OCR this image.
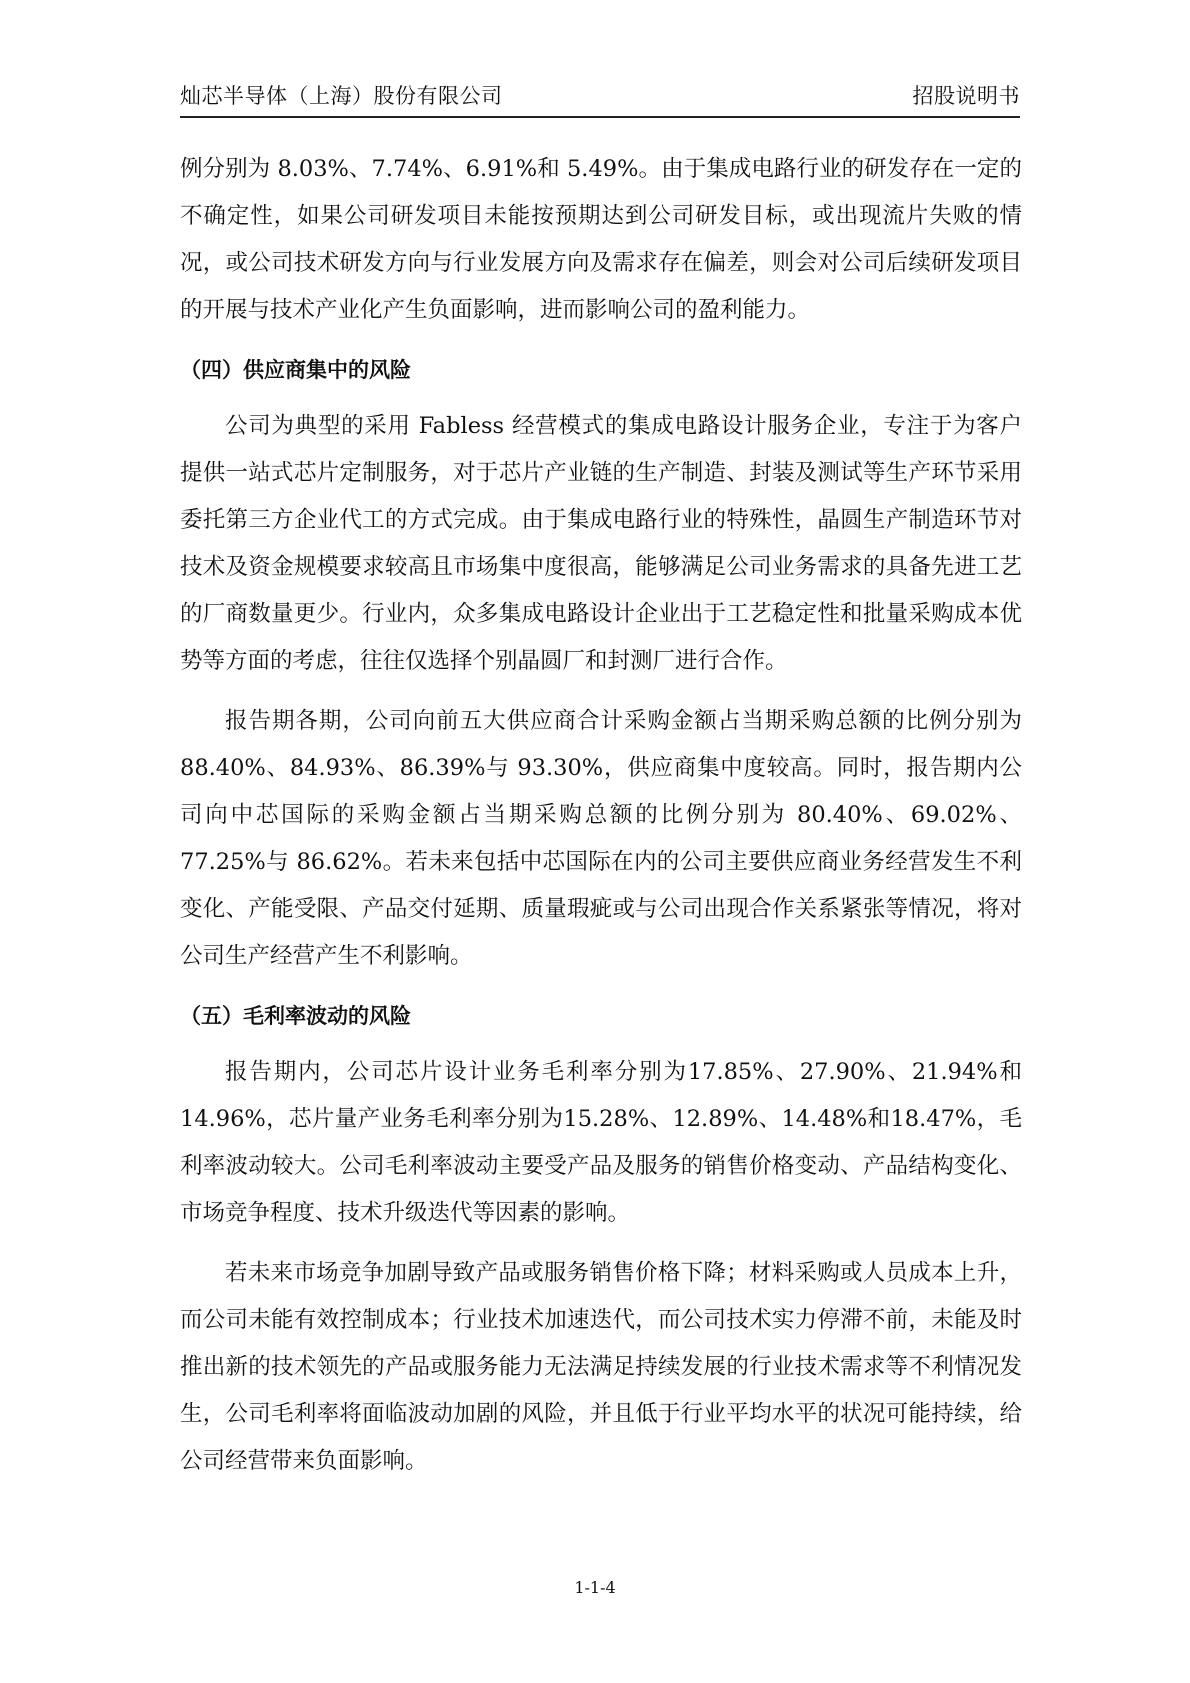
灿芯半导体（上海）股份有限公司	招股说明书

例分别为 8.03%、7.74%、6.91%和 5.49%。由于集成电路行业的研发存在一定的不确定性，如果公司研发项目未能按预期达到公司研发目标，或出现流片失败的情况，或公司技术研发方向与行业发展方向及需求存在偏差，则会对公司后续研发项目的开展与技术产业化产生负面影响，进而影响公司的盈利能力。

（四）供应商集中的风险

公司为典型的采用 Fabless 经营模式的集成电路设计服务企业，专注于为客户提供一站式芯片定制服务，对于芯片产业链的生产制造、封装及测试等生产环节采用委托第三方企业代工的方式完成。由于集成电路行业的特殊性，晶圆生产制造环节对技术及资金规模要求较高且市场集中度很高，能够满足公司业务需求的具备先进工艺的厂商数量更少。行业内，众多集成电路设计企业出于工艺稳定性和批量采购成本优势等方面的考虑，往往仅选择个别晶圆厂和封测厂进行合作。

报告期各期，公司向前五大供应商合计采购金额占当期采购总额的比例分别为 88.40%、84.93%、86.39%与 93.30%，供应商集中度较高。同时，报告期内公司向中芯国际的采购金额占当期采购总额的比例分别为 80.40%、69.02%、77.25%与 86.62%。若未来包括中芯国际在内的公司主要供应商业务经营发生不利变化、产能受限、产品交付延期、质量瑕疵或与公司出现合作关系紧张等情况，将对公司生产经营产生不利影响。

（五）毛利率波动的风险

报告期内，公司芯片设计业务毛利率分别为17.85%、27.90%、21.94%和14.96%，芯片量产业务毛利率分别为15.28%、12.89%、14.48%和18.47%，毛利率波动较大。公司毛利率波动主要受产品及服务的销售价格变动、产品结构变化、市场竞争程度、技术升级迭代等因素的影响。

若未来市场竞争加剧导致产品或服务销售价格下降；材料采购或人员成本上升，而公司未能有效控制成本；行业技术加速迭代，而公司技术实力停滞不前，未能及时推出新的技术领先的产品或服务能力无法满足持续发展的行业技术需求等不利情况发生，公司毛利率将面临波动加剧的风险，并且低于行业平均水平的状况可能持续，给公司经营带来负面影响。

1-1-4
